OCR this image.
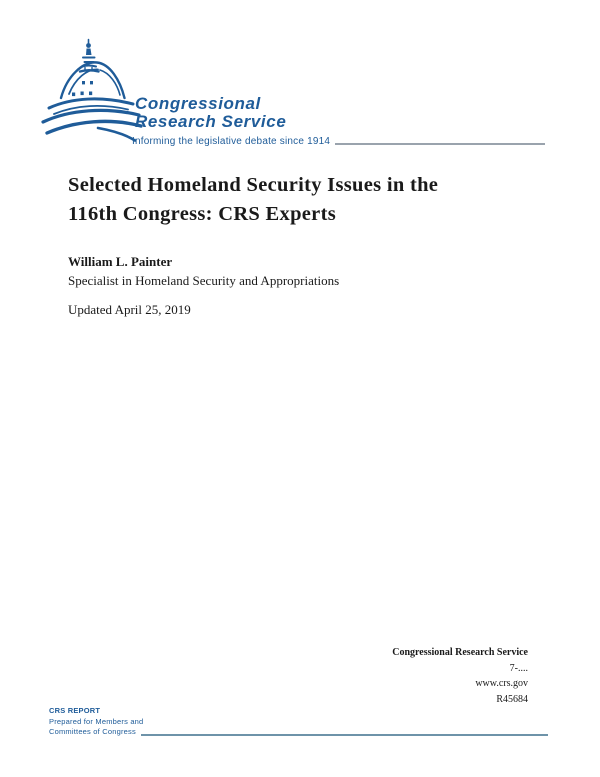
Congressional
Research Service
Informing the legislative debate since 1914
Selected Homeland Security Issues in the
116th Congress: CRS Experts
William L. Painter
Specialist in Homeland Security and Appropriations
Updated April 25, 2019
Congressional Research Service
7-....
www.crs.gov
R45684
CRS REPORT
Prepared for Members and
Committees of Congress
